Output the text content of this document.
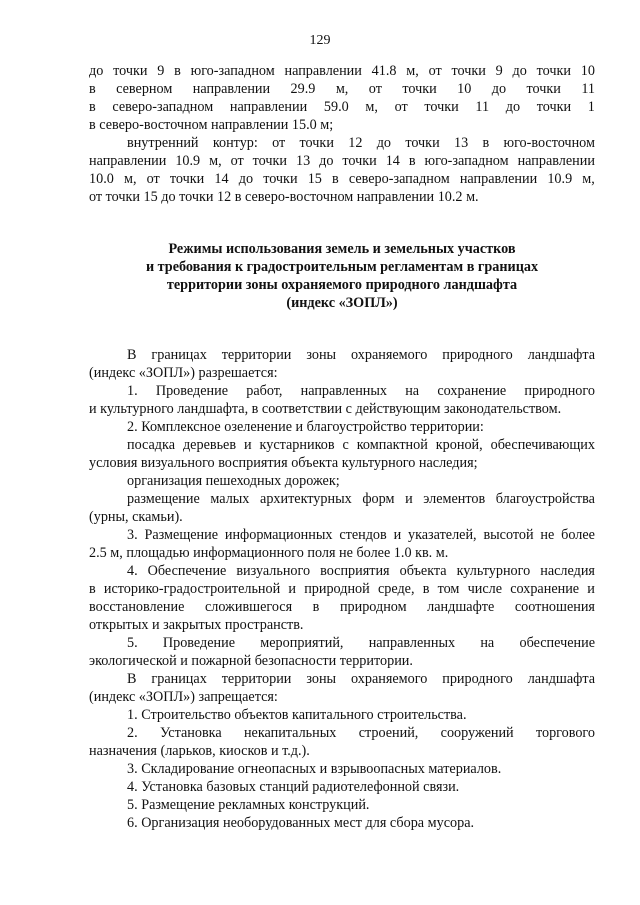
129
до точки 9 в юго-западном направлении 41.8 м, от точки 9 до точки 10
в северном направлении 29.9 м, от точки 10 до точки 11
в северо-западном направлении 59.0 м, от точки 11 до точки 1
в северо-восточном направлении 15.0 м;
внутренний контур: от точки 12 до точки 13 в юго-восточном
направлении 10.9 м, от точки 13 до точки 14 в юго-западном направлении
10.0 м, от точки 14 до точки 15 в северо-западном направлении 10.9 м,
от точки 15 до точки 12 в северо-восточном направлении 10.2 м.
Режимы использования земель и земельных участков
и требования к градостроительным регламентам в границах
территории зоны охраняемого природного ландшафта
(индекс «ЗОПЛ»)
В границах территории зоны охраняемого природного ландшафта
(индекс «ЗОПЛ») разрешается:
1. Проведение работ, направленных на сохранение природного
и культурного ландшафта, в соответствии с действующим законодательством.
2. Комплексное озеленение и благоустройство территории:
посадка деревьев и кустарников с компактной кроной, обеспечивающих
условия визуального восприятия объекта культурного наследия;
организация пешеходных дорожек;
размещение малых архитектурных форм и элементов благоустройства
(урны, скамьи).
3. Размещение информационных стендов и указателей, высотой не более
2.5 м, площадью информационного поля не более 1.0 кв. м.
4. Обеспечение визуального восприятия объекта культурного наследия
в историко-градостроительной и природной среде, в том числе сохранение и
восстановление сложившегося в природном ландшафте соотношения
открытых и закрытых пространств.
5. Проведение мероприятий, направленных на обеспечение
экологической и пожарной безопасности территории.
В границах территории зоны охраняемого природного ландшафта
(индекс «ЗОПЛ») запрещается:
1. Строительство объектов капитального строительства.
2. Установка некапитальных строений, сооружений торгового
назначения (ларьков, киосков и т.д.).
3. Складирование огнеопасных и взрывоопасных материалов.
4. Установка базовых станций радиотелефонной связи.
5. Размещение рекламных конструкций.
6. Организация необорудованных мест для сбора мусора.
